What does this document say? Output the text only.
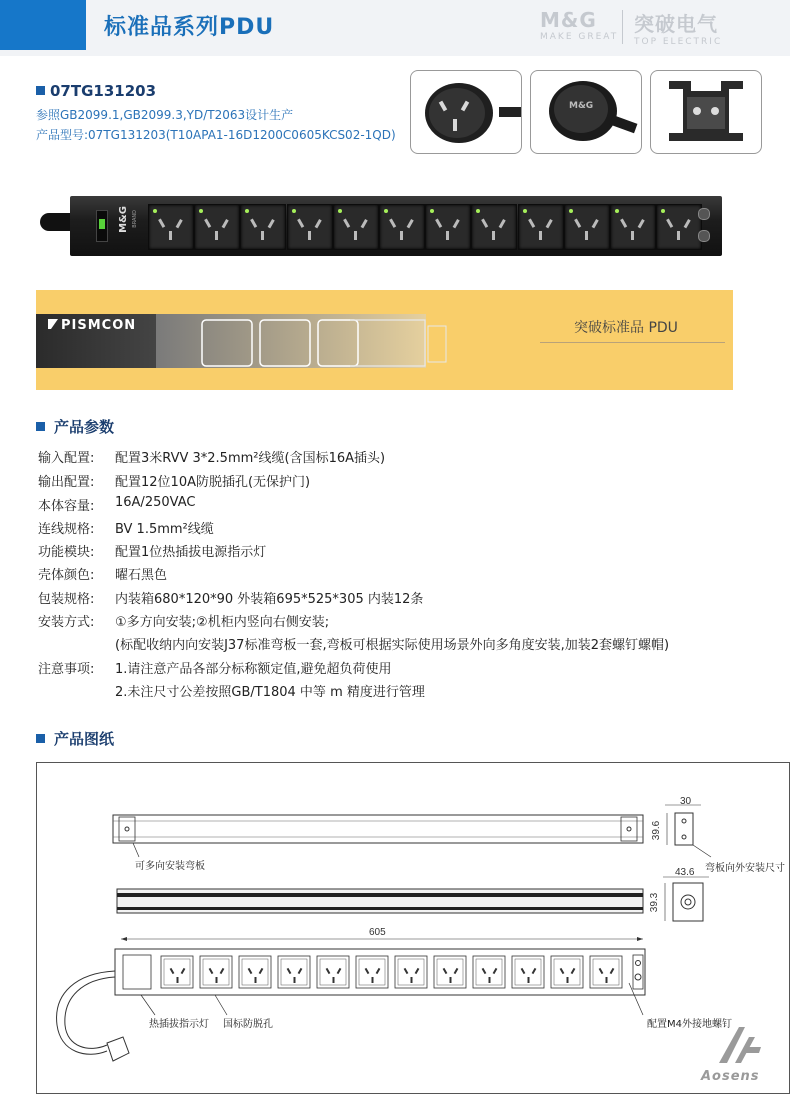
标准品系列PDU	M&G
MAKE GREAT
突破电气
TOP ELECTRIC
07TG131203
参照GB2099.1,GB2099.3,YD/T2063设计生产
产品型号:07TG131203(T10APA1-16D1200C0605KCS02-1QD)
M&G
M&G BRAND
PISMCON	突破标准品 PDU
产品参数
输入配置: 配置3米RVV 3*2.5mm²线缆(含国标16A插头)
输出配置: 配置12位10A防脱插孔(无保护门)
本体容量: 16A/250VAC
连线规格: BV 1.5mm²线缆
功能模块: 配置1位热插拔电源指示灯
壳体颜色: 曜石黑色
包装规格: 内装箱680*120*90 外装箱695*525*305 内装12条
安装方式: ①多方向安装;②机柜内竖向右侧安装;
(标配收纳内向安装J37标准弯板一套,弯板可根据实际使用场景外向多角度安装,加装2套螺钉螺帽)
注意事项: 1.请注意产品各部分标称额定值,避免超负荷使用
2.未注尺寸公差按照GB/T1804 中等 m 精度进行管理
产品图纸
30
39.6
43.6
39.3
605
可多向安装弯板	弯板向外安装尺寸
热插拔指示灯 国标防脱孔	配置M4外接地螺钉
Aosens
